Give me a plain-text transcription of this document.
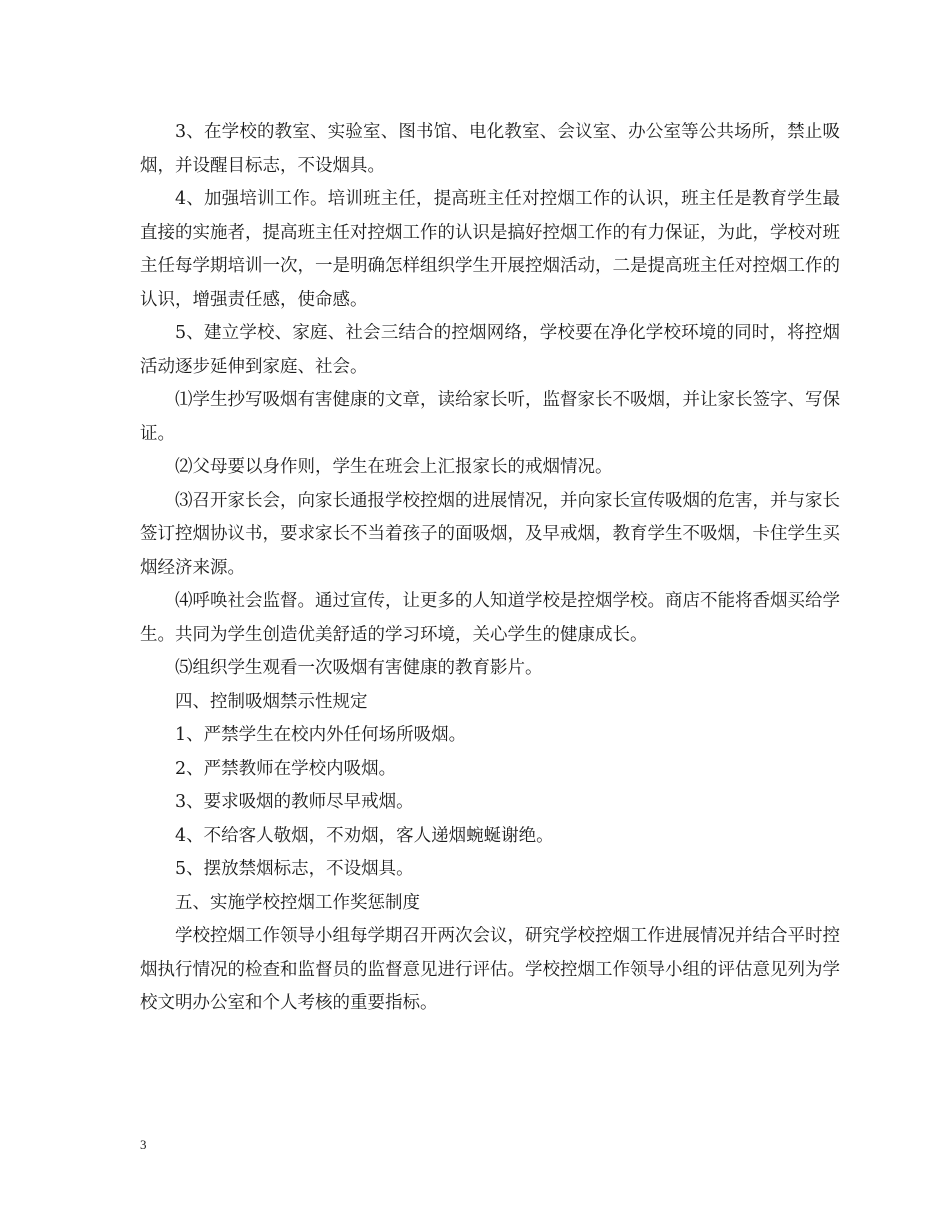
3、在学校的教室、实验室、图书馆、电化教室、会议室、办公室等公共场所，禁止吸烟，并设醒目标志，不设烟具。

4、加强培训工作。培训班主任，提高班主任对控烟工作的认识，班主任是教育学生最直接的实施者，提高班主任对控烟工作的认识是搞好控烟工作的有力保证，为此，学校对班主任每学期培训一次，一是明确怎样组织学生开展控烟活动，二是提高班主任对控烟工作的认识，增强责任感，使命感。

5、建立学校、家庭、社会三结合的控烟网络，学校要在净化学校环境的同时，将控烟活动逐步延伸到家庭、社会。

⑴学生抄写吸烟有害健康的文章，读给家长听，监督家长不吸烟，并让家长签字、写保证。

⑵父母要以身作则，学生在班会上汇报家长的戒烟情况。

⑶召开家长会，向家长通报学校控烟的进展情况，并向家长宣传吸烟的危害，并与家长签订控烟协议书，要求家长不当着孩子的面吸烟，及早戒烟，教育学生不吸烟，卡住学生买烟经济来源。

⑷呼唤社会监督。通过宣传，让更多的人知道学校是控烟学校。商店不能将香烟买给学生。共同为学生创造优美舒适的学习环境，关心学生的健康成长。

⑸组织学生观看一次吸烟有害健康的教育影片。

四、控制吸烟禁示性规定

1、严禁学生在校内外任何场所吸烟。

2、严禁教师在学校内吸烟。

3、要求吸烟的教师尽早戒烟。

4、不给客人敬烟，不劝烟，客人递烟蜿蜒谢绝。

5、摆放禁烟标志，不设烟具。

五、实施学校控烟工作奖惩制度

学校控烟工作领导小组每学期召开两次会议，研究学校控烟工作进展情况并结合平时控烟执行情况的检查和监督员的监督意见进行评估。学校控烟工作领导小组的评估意见列为学校文明办公室和个人考核的重要指标。

3
